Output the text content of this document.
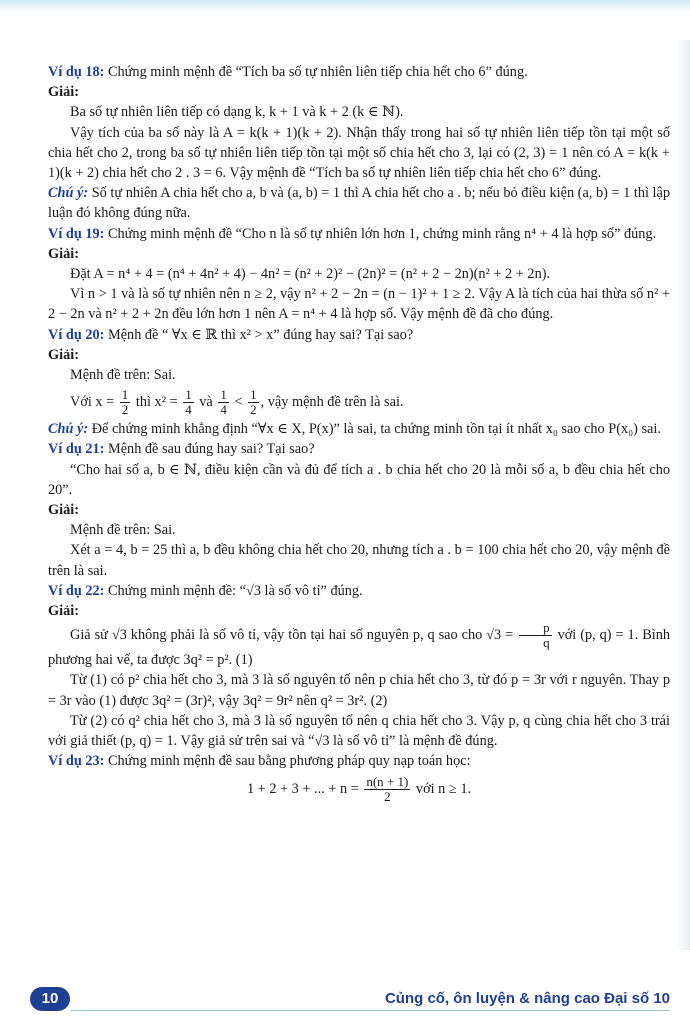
Ví dụ 18: Chứng minh mệnh đề “Tích ba số tự nhiên liên tiếp chia hết cho 6” đúng.

Giải:

Ba số tự nhiên liên tiếp có dạng k, k + 1 và k + 2 (k ∈ ℕ).

Vậy tích của ba số này là A = k(k + 1)(k + 2). Nhận thấy trong hai số tự nhiên liên tiếp tồn tại một số chia hết cho 2, trong ba số tự nhiên liên tiếp tồn tại một số chia hết cho 3, lại có (2, 3) = 1 nên có A = k(k + 1)(k + 2) chia hết cho 2 . 3 = 6. Vậy mệnh đề “Tích ba số tự nhiên liên tiếp chia hết cho 6” đúng.

Chú ý: Số tự nhiên A chia hết cho a, b và (a, b) = 1 thì A chia hết cho a . b; nếu bỏ điều kiện (a, b) = 1 thì lập luận đó không đúng nữa.

Ví dụ 19: Chứng minh mệnh đề “Cho n là số tự nhiên lớn hơn 1, chứng minh rằng n⁴ + 4 là hợp số” đúng.

Giải:

Đặt A = n⁴ + 4 = (n⁴ + 4n² + 4) − 4n² = (n² + 2)² − (2n)² = (n² + 2 − 2n)(n² + 2 + 2n).

Vì n > 1 và là số tự nhiên nên n ≥ 2, vậy n² + 2 − 2n = (n − 1)² + 1 ≥ 2. Vậy A là tích của hai thừa số n² + 2 − 2n và n² + 2 + 2n đều lớn hơn 1 nên A = n⁴ + 4 là hợp số. Vậy mệnh đề đã cho đúng.

Ví dụ 20: Mệnh đề “ ∀x ∈ ℝ thì x² > x” đúng hay sai? Tại sao?

Giải:

Mệnh đề trên: Sai.

Với $x = \frac{1}{2}$ thì $x^2 = \frac{1}{4}$ và $\frac{1}{4} < \frac{1}{2}$ , vậy mệnh đề trên là sai.

Chú ý: Để chứng minh khẳng định “∀x ∈ X, P(x)” là sai, ta chứng minh tồn tại ít nhất x₀ sao cho P(x₀) sai.

Ví dụ 21: Mệnh đề sau đúng hay sai? Tại sao?

“Cho hai số a, b ∈ ℕ, điều kiện cần và đủ để tích a . b chia hết cho 20 là mỗi số a, b đều chia hết cho 20”.

Giải:

Mệnh đề trên: Sai.

Xét a = 4, b = 25 thì a, b đều không chia hết cho 20, nhưng tích a . b = 100 chia hết cho 20, vậy mệnh đề trên là sai.

Ví dụ 22: Chứng minh mệnh đề: “√3 là số vô tỉ” đúng.

Giải:

Giả sử √3 không phải là số vô tỉ, vậy tồn tại hai số nguyên p, q sao cho $√3 = \frac{p}{q}$ với (p, q) = 1. Bình phương hai vế, ta được 3q² = p². (1)

Từ (1) có p² chia hết cho 3, mà 3 là số nguyên tố nên p chia hết cho 3, từ đó p = 3r với r nguyên. Thay p = 3r vào (1) được 3q² = (3r)², vậy 3q² = 9r² nên q² = 3r². (2)

Từ (2) có q² chia hết cho 3, mà 3 là số nguyên tố nên q chia hết cho 3. Vậy p, q cùng chia hết cho 3 trái với giả thiết (p, q) = 1. Vậy giả sử trên sai và “√3 là số vô tỉ” là mệnh đề đúng.

Ví dụ 23: Chứng minh mệnh đề sau bằng phương pháp quy nạp toán học:

1 + 2 + 3 + ... + $n = \frac{n(n + 1)}{2}$ với n ≥ 1.

10	Củng cố, ôn luyện & nâng cao Đại số 10
